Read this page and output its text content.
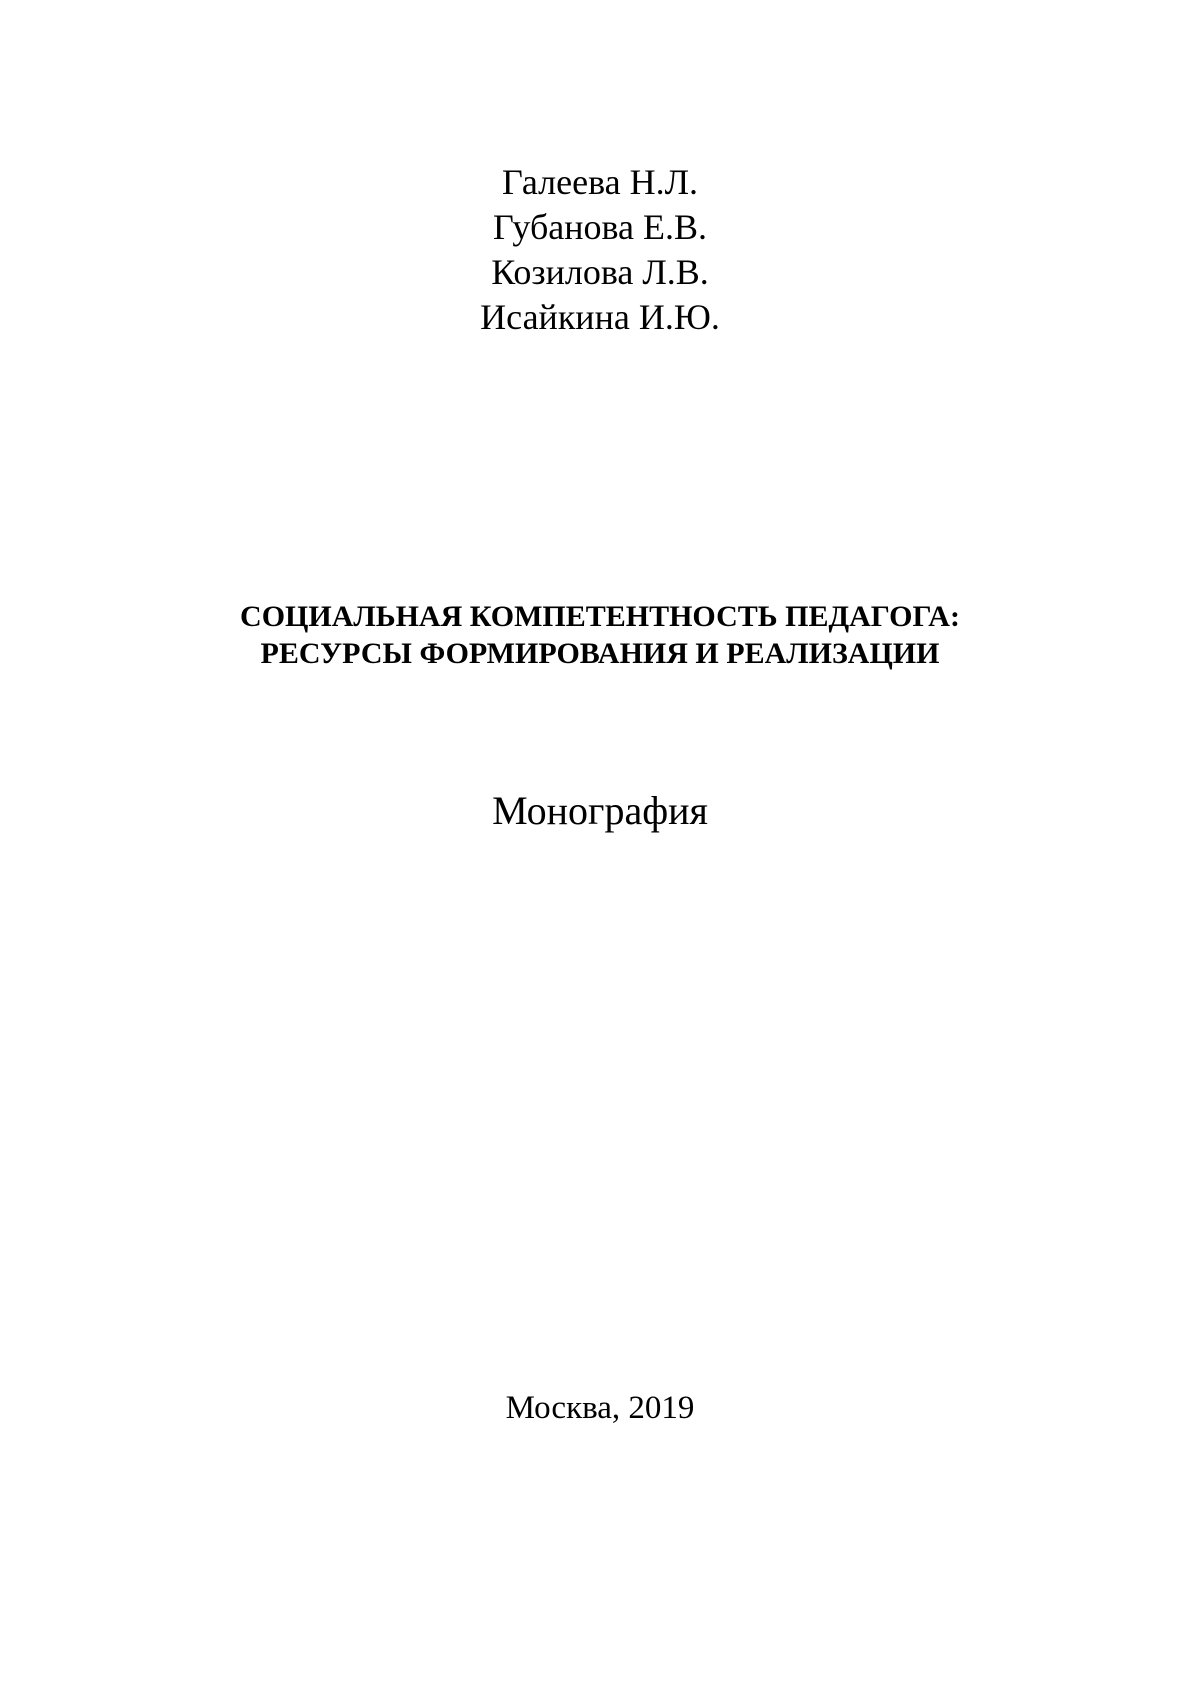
Галеева Н.Л.
Губанова Е.В.
Козилова Л.В.
Исайкина И.Ю.
СОЦИАЛЬНАЯ КОМПЕТЕНТНОСТЬ ПЕДАГОГА:
РЕСУРСЫ ФОРМИРОВАНИЯ И РЕАЛИЗАЦИИ
Монография
Москва, 2019
